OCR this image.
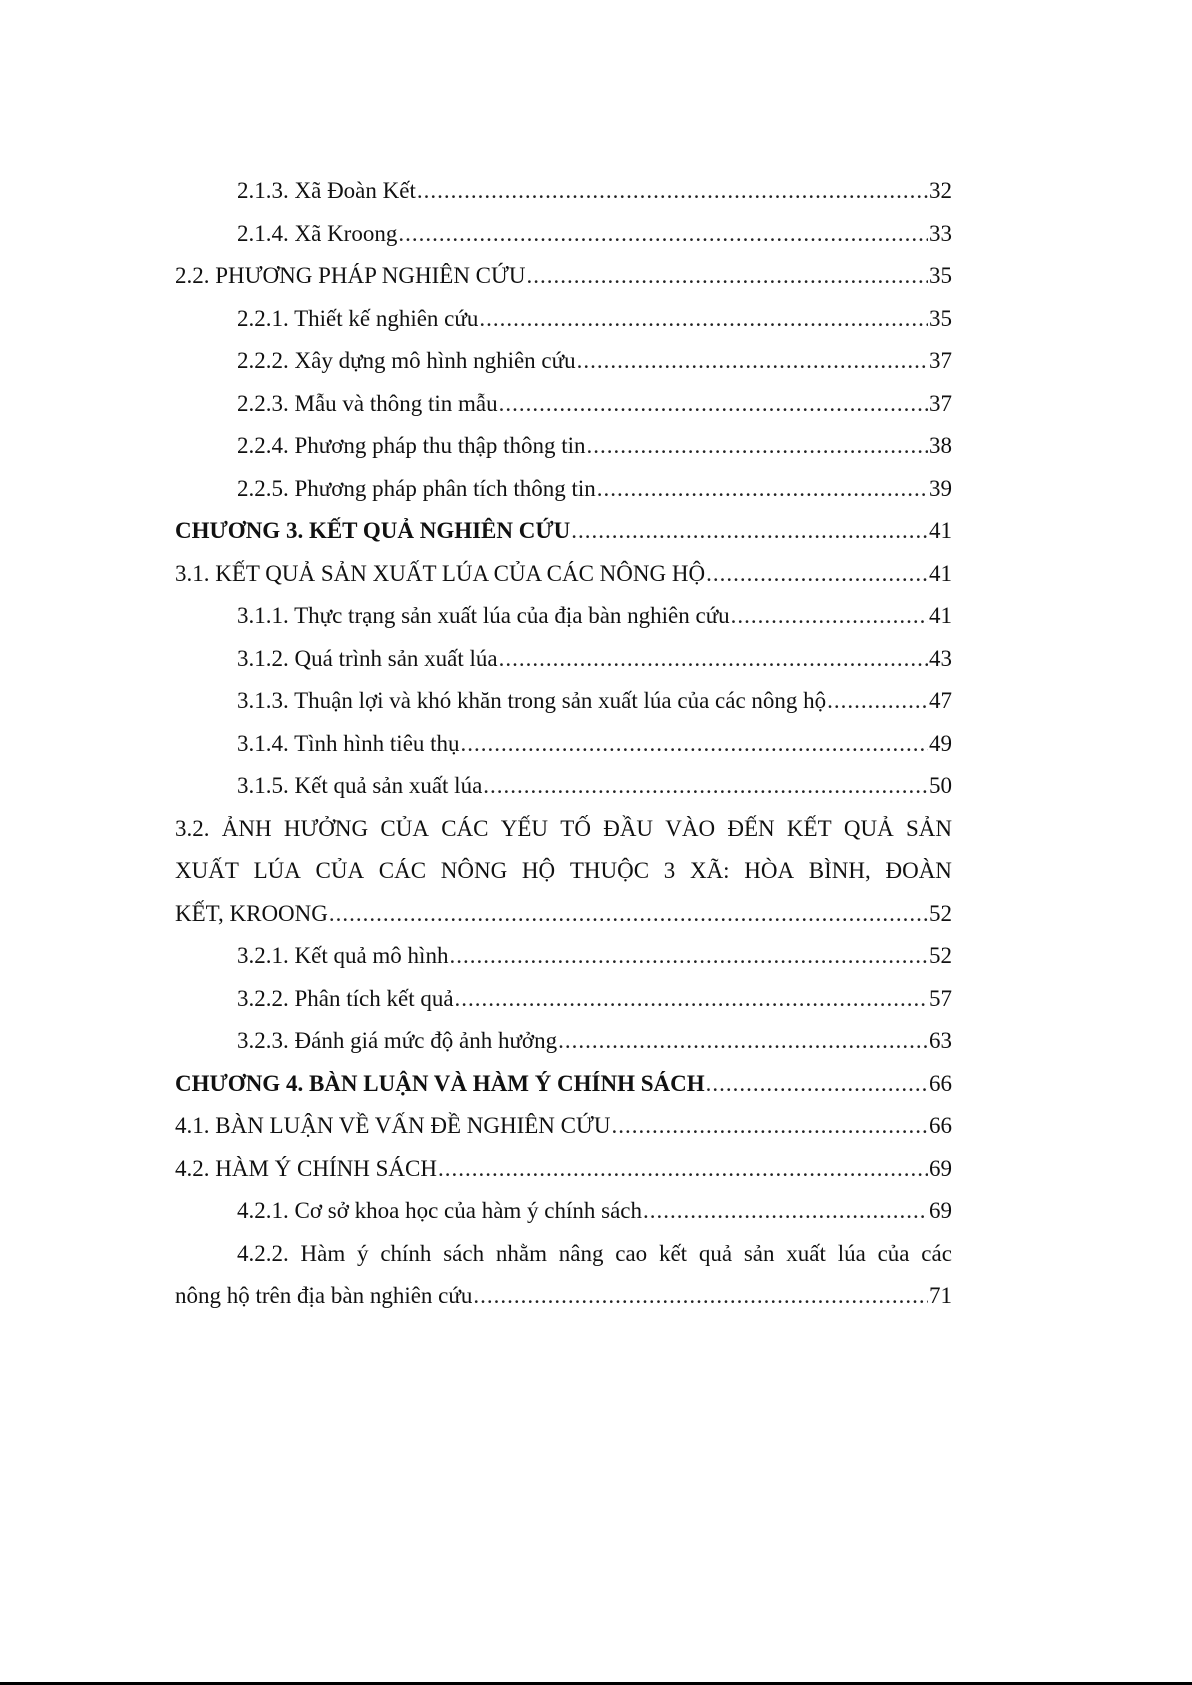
2.1.3. Xã Đoàn Kết .....	32
2.1.4. Xã Kroong .....	33
2.2. PHƯƠNG PHÁP NGHIÊN CỨU .....	35
2.2.1. Thiết kế nghiên cứu .....	35
2.2.2. Xây dựng mô hình nghiên cứu .....	37
2.2.3. Mẫu và thông tin mẫu .....	37
2.2.4. Phương pháp thu thập thông tin .....	38
2.2.5. Phương pháp phân tích thông tin .....	39
CHƯƠNG 3. KẾT QUẢ NGHIÊN CỨU .....	41
3.1. KẾT QUẢ SẢN XUẤT LÚA CỦA CÁC NÔNG HỘ .....	41
3.1.1. Thực trạng sản xuất lúa của địa bàn nghiên cứu .....	41
3.1.2. Quá trình sản xuất lúa .....	43
3.1.3. Thuận lợi và khó khăn trong sản xuất lúa của các nông hộ .....	47
3.1.4. Tình hình tiêu thụ .....	49
3.1.5. Kết quả sản xuất lúa .....	50
3.2. ẢNH HƯỞNG CỦA CÁC YẾU TỐ ĐẦU VÀO ĐẾN KẾT QUẢ SẢN
XUẤT LÚA CỦA CÁC NÔNG HỘ THUỘC 3 XÃ: HÒA BÌNH, ĐOÀN
KẾT, KROONG .....	52
3.2.1. Kết quả mô hình .....	52
3.2.2. Phân tích kết quả .....	57
3.2.3. Đánh giá mức độ ảnh hưởng .....	63
CHƯƠNG 4. BÀN LUẬN VÀ HÀM Ý CHÍNH SÁCH .....	66
4.1. BÀN LUẬN VỀ VẤN ĐỀ NGHIÊN CỨU .....	66
4.2. HÀM Ý CHÍNH SÁCH .....	69
4.2.1. Cơ sở khoa học của hàm ý chính sách .....	69
4.2.2. Hàm ý chính sách nhằm nâng cao kết quả sản xuất lúa của các
nông hộ trên địa bàn nghiên cứu .....	71
